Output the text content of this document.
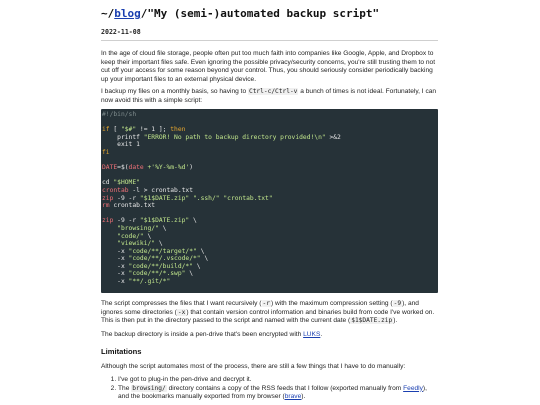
~/blog/"My (semi-)automated backup script"
2022-11-08

In the age of cloud file storage, people often put too much faith into companies like Google, Apple, and Dropbox to keep their important files safe. Even ignoring the possible privacy/security concerns, you're still trusting them to not cut off your access for some reason beyond your control. Thus, you should seriously consider periodically backing up your important files to an external physical device.

I backup my files on a monthly basis, so having to Ctrl-c/Ctrl-v a bunch of times is not ideal. Fortunately, I can now avoid this with a simple script:

#!/bin/sh
if [ "$#" != 1 ]; then
printf "ERROR! No path to backup directory provided!\n" >&2
exit 1
fi
DATE=$(date +'%Y-%m-%d')
cd "$HOME"
crontab -l > crontab.txt
zip -9 -r "$1$DATE.zip" ".ssh/" "crontab.txt"
rm crontab.txt
zip -9 -r "$1$DATE.zip" \
"browsing/" \
"code/" \
"viewiki/" \
-x "code/**/target/*" \
-x "code/**/.vscode/*" \
-x "code/**/build/*" \
-x "code/**/*.swp" \
-x "**/.git/*"

The script compresses the files that I want recursively (-r) with the maximum compression setting (-9), and ignores some directories (-x) that contain version control information and binaries build from code I've worked on. This is then put in the directory passed to the script and named with the current date ($1$DATE.zip).

The backup directory is inside a pen-drive that's been encrypted with LUKS.

Limitations

Although the script automates most of the process, there are still a few things that I have to do manually:

1. I've got to plug-in the pen-drive and decrypt it.
2. The browsing/ directory contains a copy of the RSS feeds that I follow (exported manually from Feedly), and the bookmarks manually exported from my browser (brave).
